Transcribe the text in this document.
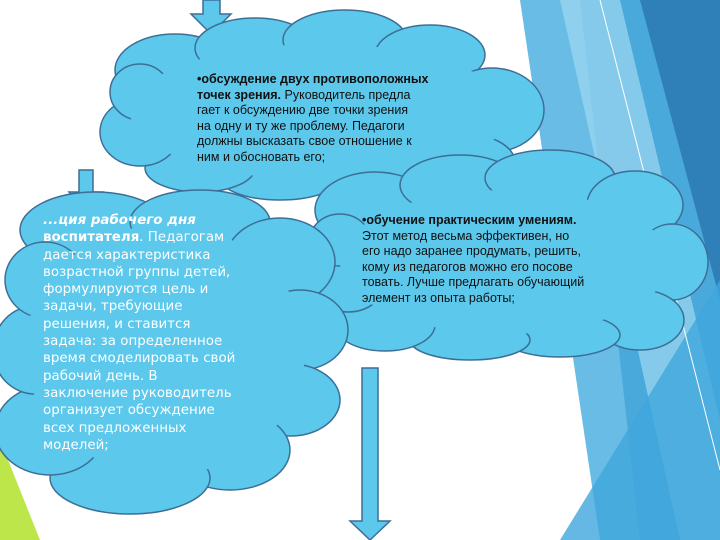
•обсуждение двух противоположных
точек зрения. Руководитель предла
гает к обсуждению две точки зрения
на одну и ту же проблему. Педагоги
должны высказать свое отношение к
ним и обосновать его;
•обучение практическим умениям.
Этот метод весьма эффективен, но
его надо заранее продумать, решить,
кому из педагогов можно его посове
товать. Лучше предлагать обучающий
элемент из опыта работы;
...ция рабочего дня
воспитателя. Педагогам
дается характеристика
возрастной группы детей,
формулируются цель и
задачи, требующие
решения, и ставится
задача: за определенное
время смоделировать свой
рабочий день. В
заключение руководитель
организует обсуждение
всех предложенных
моделей;
